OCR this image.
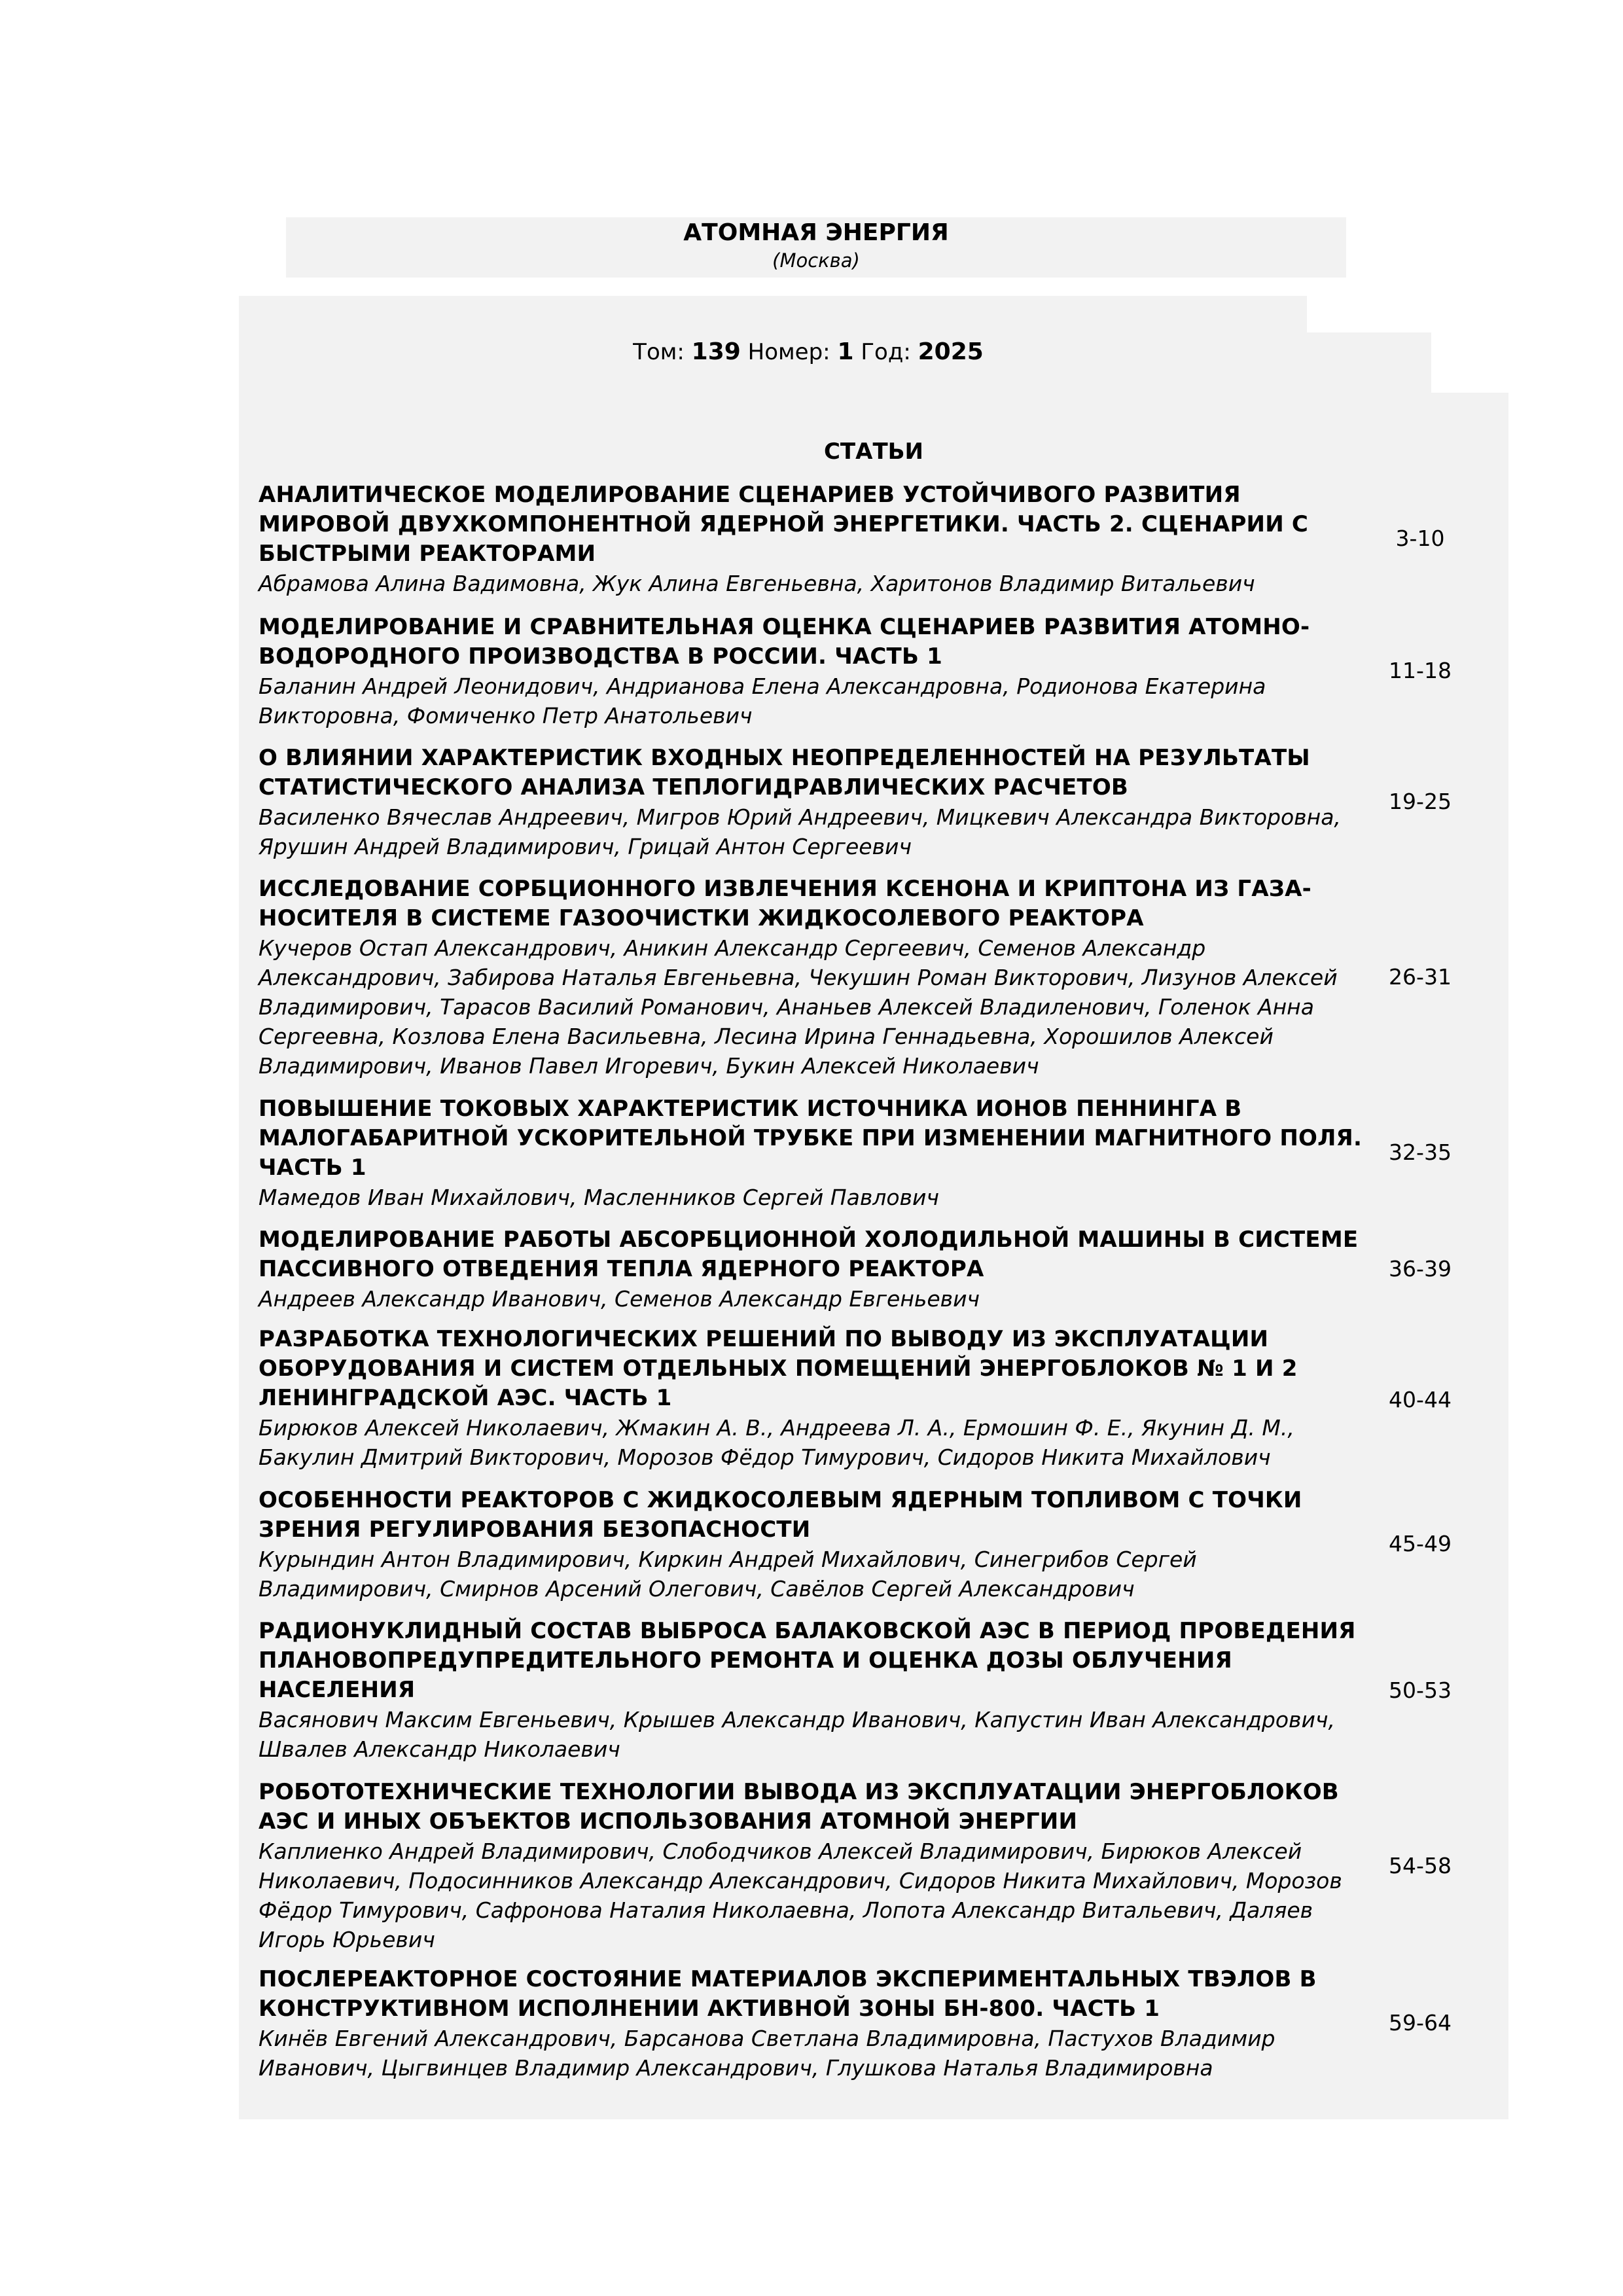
АТОМНАЯ ЭНЕРГИЯ
(Москва)
Том: 139 Номер: 1 Год: 2025
СТАТЬИ
АНАЛИТИЧЕСКОЕ МОДЕЛИРОВАНИЕ СЦЕНАРИЕВ УСТОЙЧИВОГО РАЗВИТИЯ
МИРОВОЙ ДВУХКОМПОНЕНТНОЙ ЯДЕРНОЙ ЭНЕРГЕТИКИ. ЧАСТЬ 2. СЦЕНАРИИ С
БЫСТРЫМИ РЕАКТОРАМИ
Абрамова Алина Вадимовна, Жук Алина Евгеньевна, Харитонов Владимир Витальевич
3-10
МОДЕЛИРОВАНИЕ И СРАВНИТЕЛЬНАЯ ОЦЕНКА СЦЕНАРИЕВ РАЗВИТИЯ АТОМНО-
ВОДОРОДНОГО ПРОИЗВОДСТВА В РОССИИ. ЧАСТЬ 1
Баланин Андрей Леонидович, Андрианова Елена Александровна, Родионова Екатерина
Викторовна, Фомиченко Петр Анатольевич
11-18
О ВЛИЯНИИ ХАРАКТЕРИСТИК ВХОДНЫХ НЕОПРЕДЕЛЕННОСТЕЙ НА РЕЗУЛЬТАТЫ
СТАТИСТИЧЕСКОГО АНАЛИЗА ТЕПЛОГИДРАВЛИЧЕСКИХ РАСЧЕТОВ
Василенко Вячеслав Андреевич, Мигров Юрий Андреевич, Мицкевич Александра Викторовна,
Ярушин Андрей Владимирович, Грицай Антон Сергеевич
19-25
ИССЛЕДОВАНИЕ СОРБЦИОННОГО ИЗВЛЕЧЕНИЯ КСЕНОНА И КРИПТОНА ИЗ ГАЗА-
НОСИТЕЛЯ В СИСТЕМЕ ГАЗООЧИСТКИ ЖИДКОСОЛЕВОГО РЕАКТОРА
Кучеров Остап Александрович, Аникин Александр Сергеевич, Семенов Александр
Александрович, Забирова Наталья Евгеньевна, Чекушин Роман Викторович, Лизунов Алексей
Владимирович, Тарасов Василий Романович, Ананьев Алексей Владиленович, Голенок Анна
Сергеевна, Козлова Елена Васильевна, Лесина Ирина Геннадьевна, Хорошилов Алексей
Владимирович, Иванов Павел Игоревич, Букин Алексей Николаевич
26-31
ПОВЫШЕНИЕ ТОКОВЫХ ХАРАКТЕРИСТИК ИСТОЧНИКА ИОНОВ ПЕННИНГА В
МАЛОГАБАРИТНОЙ УСКОРИТЕЛЬНОЙ ТРУБКЕ ПРИ ИЗМЕНЕНИИ МАГНИТНОГО ПОЛЯ.
ЧАСТЬ 1
Мамедов Иван Михайлович, Масленников Сергей Павлович
32-35
МОДЕЛИРОВАНИЕ РАБОТЫ АБСОРБЦИОННОЙ ХОЛОДИЛЬНОЙ МАШИНЫ В СИСТЕМЕ
ПАССИВНОГО ОТВЕДЕНИЯ ТЕПЛА ЯДЕРНОГО РЕАКТОРА
Андреев Александр Иванович, Семенов Александр Евгеньевич
36-39
РАЗРАБОТКА ТЕХНОЛОГИЧЕСКИХ РЕШЕНИЙ ПО ВЫВОДУ ИЗ ЭКСПЛУАТАЦИИ
ОБОРУДОВАНИЯ И СИСТЕМ ОТДЕЛЬНЫХ ПОМЕЩЕНИЙ ЭНЕРГОБЛОКОВ № 1 И 2
ЛЕНИНГРАДСКОЙ АЭС. ЧАСТЬ 1
Бирюков Алексей Николаевич, Жмакин А. В., Андреева Л. А., Ермошин Ф. Е., Якунин Д. М.,
Бакулин Дмитрий Викторович, Морозов Фёдор Тимурович, Сидоров Никита Михайлович
40-44
ОСОБЕННОСТИ РЕАКТОРОВ С ЖИДКОСОЛЕВЫМ ЯДЕРНЫМ ТОПЛИВОМ С ТОЧКИ
ЗРЕНИЯ РЕГУЛИРОВАНИЯ БЕЗОПАСНОСТИ
Курындин Антон Владимирович, Киркин Андрей Михайлович, Синегрибов Сергей
Владимирович, Смирнов Арсений Олегович, Савёлов Сергей Александрович
45-49
РАДИОНУКЛИДНЫЙ СОСТАВ ВЫБРОСА БАЛАКОВСКОЙ АЭС В ПЕРИОД ПРОВЕДЕНИЯ
ПЛАНОВОПРЕДУПРЕДИТЕЛЬНОГО РЕМОНТА И ОЦЕНКА ДОЗЫ ОБЛУЧЕНИЯ
НАСЕЛЕНИЯ
Васянович Максим Евгеньевич, Крышев Александр Иванович, Капустин Иван Александрович,
Швалев Александр Николаевич
50-53
РОБОТОТЕХНИЧЕСКИЕ ТЕХНОЛОГИИ ВЫВОДА ИЗ ЭКСПЛУАТАЦИИ ЭНЕРГОБЛОКОВ
АЭС И ИНЫХ ОБЪЕКТОВ ИСПОЛЬЗОВАНИЯ АТОМНОЙ ЭНЕРГИИ
Каплиенко Андрей Владимирович, Слободчиков Алексей Владимирович, Бирюков Алексей
Николаевич, Подосинников Александр Александрович, Сидоров Никита Михайлович, Морозов
Фёдор Тимурович, Сафронова Наталия Николаевна, Лопота Александр Витальевич, Даляев
Игорь Юрьевич
54-58
ПОСЛЕРЕАКТОРНОЕ СОСТОЯНИЕ МАТЕРИАЛОВ ЭКСПЕРИМЕНТАЛЬНЫХ ТВЭЛОВ В
КОНСТРУКТИВНОМ ИСПОЛНЕНИИ АКТИВНОЙ ЗОНЫ БН-800. ЧАСТЬ 1
Кинёв Евгений Александрович, Барсанова Светлана Владимировна, Пастухов Владимир
Иванович, Цыгвинцев Владимир Александрович, Глушкова Наталья Владимировна
59-64
